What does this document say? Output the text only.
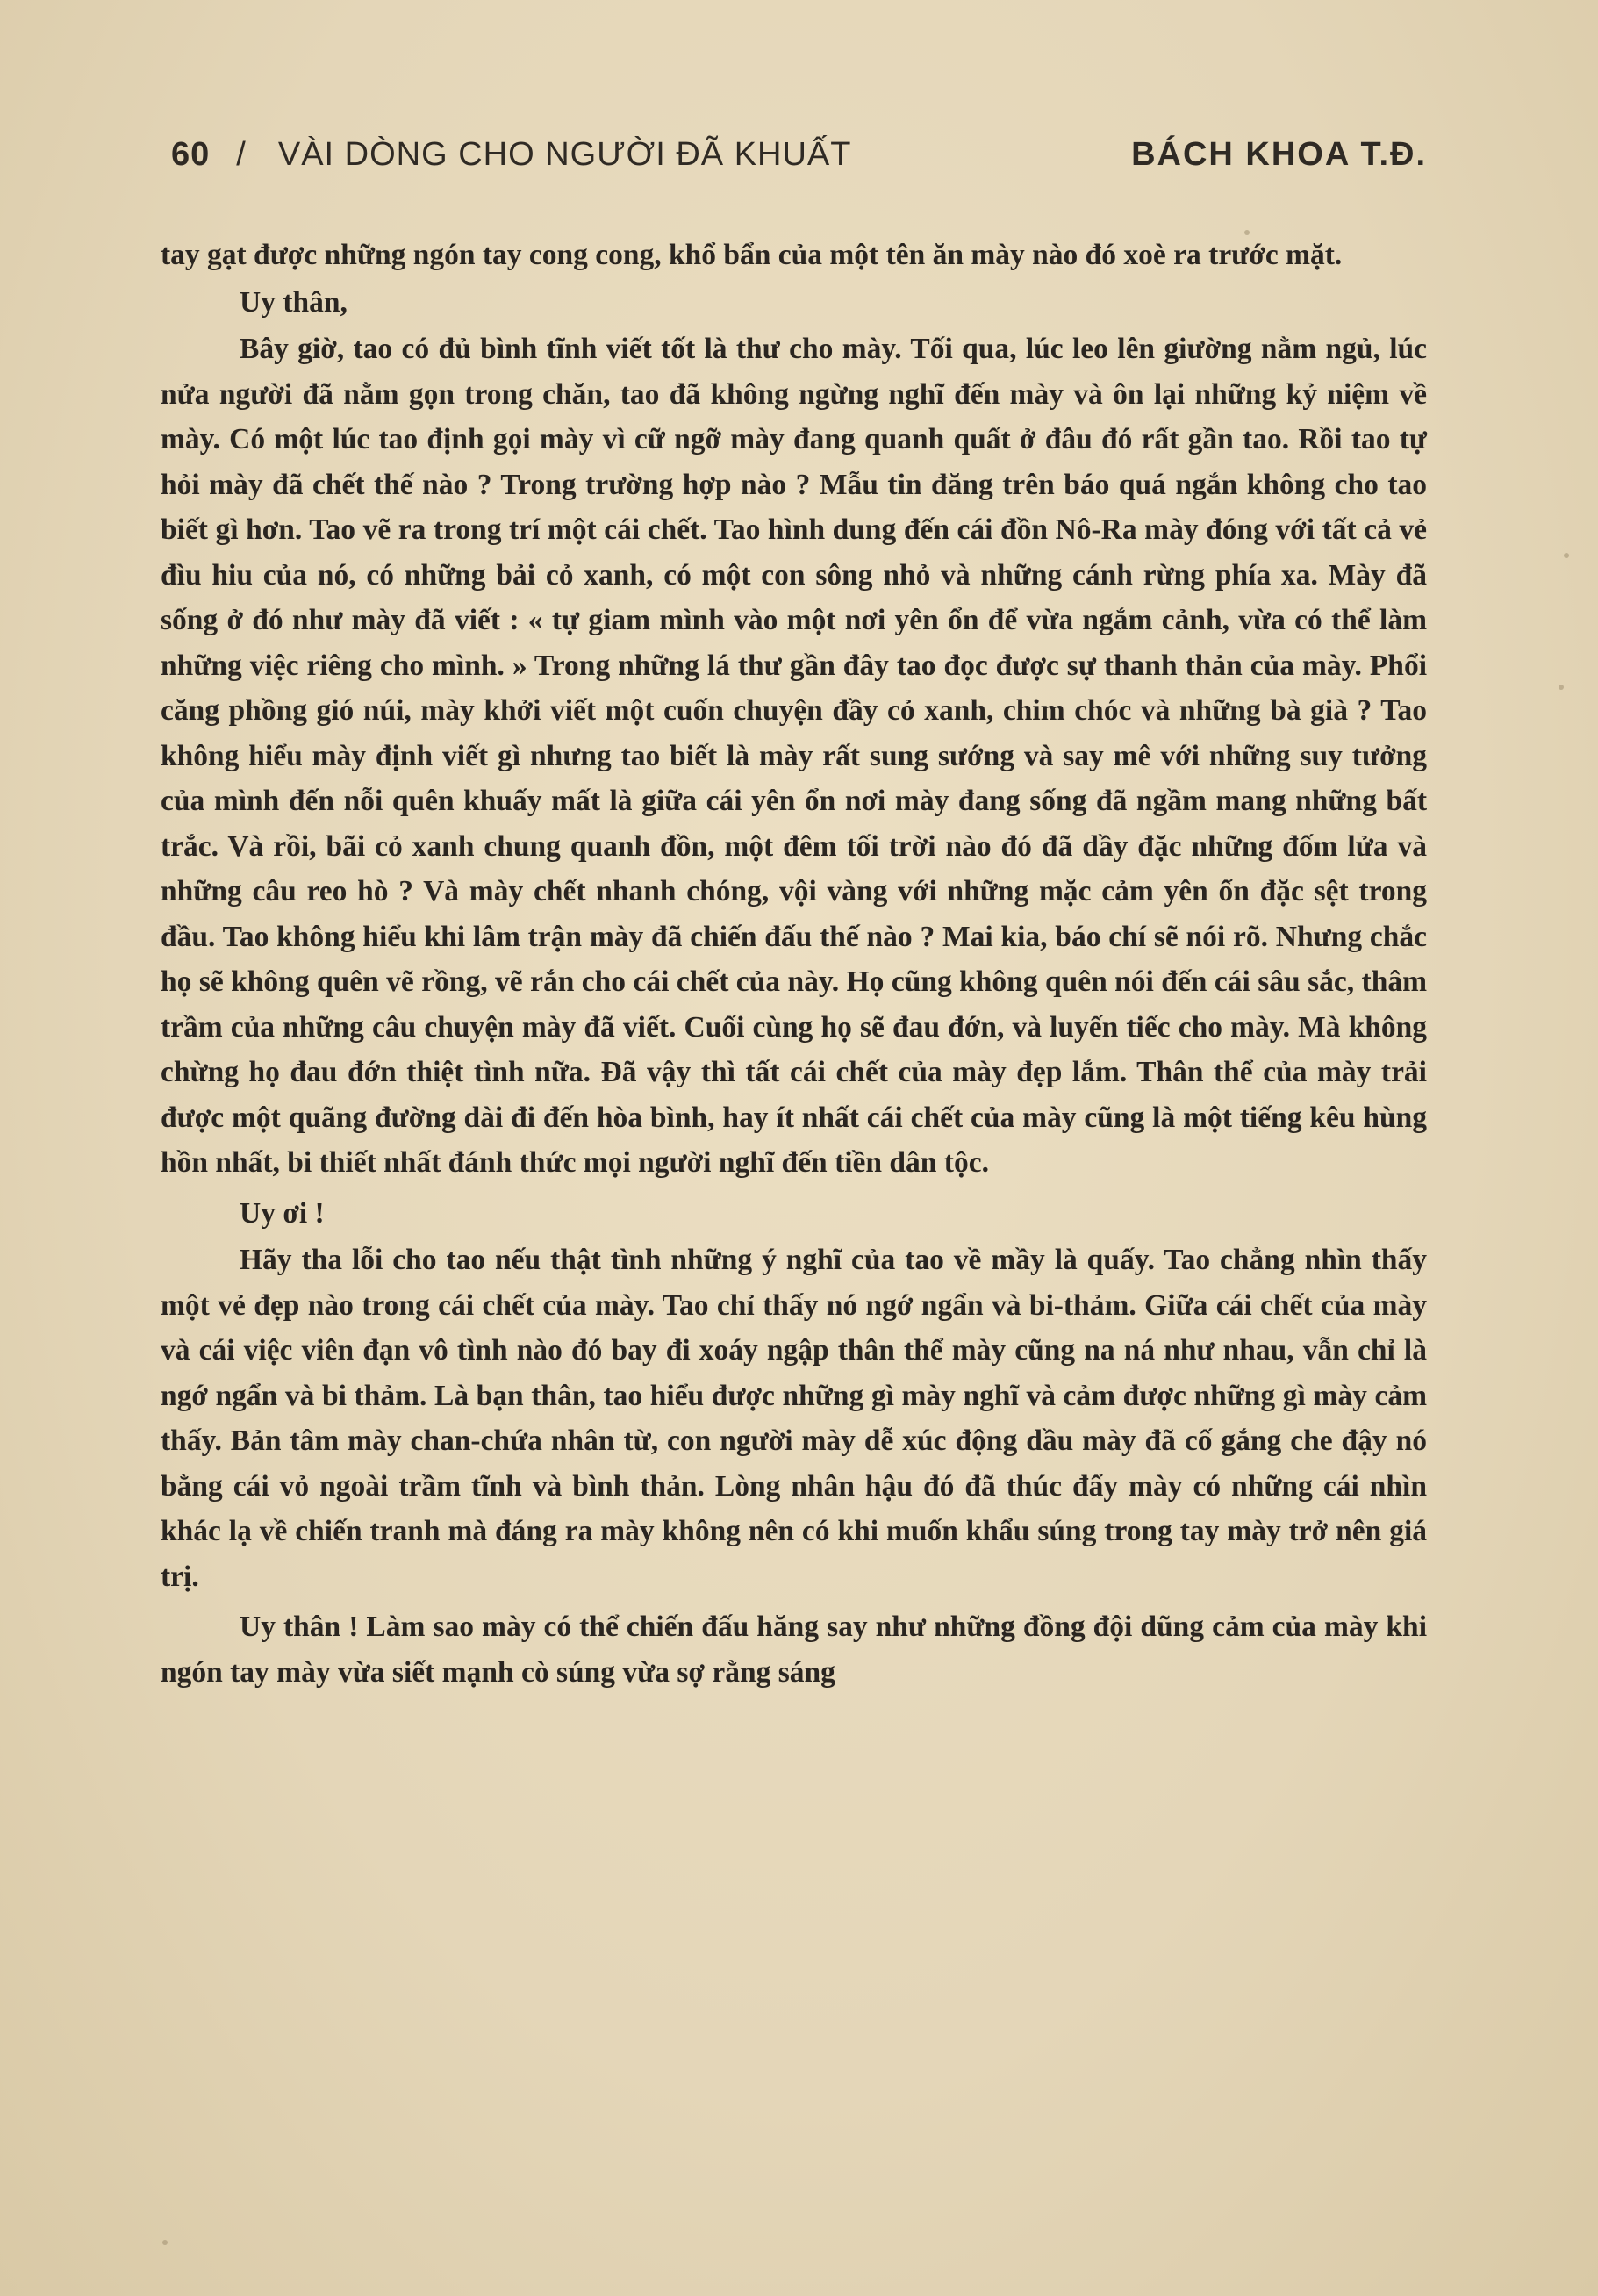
60 / VÀI DÒNG CHO NGƯỜI ĐÃ KHUẤT	BÁCH KHOA T.Đ.

tay gạt được những ngón tay cong cong, khổ bẩn của một tên ăn mày nào đó xoè ra trước mặt.

Uy thân,

Bây giờ, tao có đủ bình tĩnh viết tốt là thư cho mày. Tối qua, lúc leo lên giường nằm ngủ, lúc nửa người đã nằm gọn trong chăn, tao đã không ngừng nghĩ đến mày và ôn lại những kỷ niệm về mày. Có một lúc tao định gọi mày vì cữ ngỡ mày đang quanh quất ở đâu đó rất gần tao. Rồi tao tự hỏi mày đã chết thế nào ? Trong trường hợp nào ? Mẫu tin đăng trên báo quá ngắn không cho tao biết gì hơn. Tao vẽ ra trong trí một cái chết. Tao hình dung đến cái đồn Nô-Ra mày đóng với tất cả vẻ đìu hiu của nó, có những bải cỏ xanh, có một con sông nhỏ và những cánh rừng phía xa. Mày đã sống ở đó như mày đã viết : « tự giam mình vào một nơi yên ổn để vừa ngắm cảnh, vừa có thể làm những việc riêng cho mình. » Trong những lá thư gần đây tao đọc được sự thanh thản của mày. Phổi căng phồng gió núi, mày khởi viết một cuốn chuyện đầy cỏ xanh, chim chóc và những bà già ? Tao không hiểu mày định viết gì nhưng tao biết là mày rất sung sướng và say mê với những suy tưởng của mình đến nỗi quên khuấy mất là giữa cái yên ổn nơi mày đang sống đã ngầm mang những bất trắc. Và rồi, bãi cỏ xanh chung quanh đồn, một đêm tối trời nào đó đã dầy đặc những đốm lửa và những câu reo hò ? Và mày chết nhanh chóng, vội vàng với những mặc cảm yên ổn đặc sệt trong đầu. Tao không hiểu khi lâm trận mày đã chiến đấu thế nào ? Mai kia, báo chí sẽ nói rõ. Nhưng chắc họ sẽ không quên vẽ rồng, vẽ rắn cho cái chết của này. Họ cũng không quên nói đến cái sâu sắc, thâm trầm của những câu chuyện mày đã viết. Cuối cùng họ sẽ đau đớn, và luyến tiếc cho mày. Mà không chừng họ đau đớn thiệt tình nữa. Đã vậy thì tất cái chết của mày đẹp lắm. Thân thể của mày trải được một quãng đường dài đi đến hòa bình, hay ít nhất cái chết của mày cũng là một tiếng kêu hùng hồn nhất, bi thiết nhất đánh thức mọi người nghĩ đến tiền dân tộc.

Uy ơi !

Hãy tha lỗi cho tao nếu thật tình những ý nghĩ của tao về mầy là quấy. Tao chẳng nhìn thấy một vẻ đẹp nào trong cái chết của mày. Tao chỉ thấy nó ngớ ngẩn và bi-thảm. Giữa cái chết của mày và cái việc viên đạn vô tình nào đó bay đi xoáy ngập thân thể mày cũng na ná như nhau, vẫn chỉ là ngớ ngẩn và bi thảm. Là bạn thân, tao hiểu được những gì mày nghĩ và cảm được những gì mày cảm thấy. Bản tâm mày chan-chứa nhân từ, con người mày dễ xúc động dầu mày đã cố gắng che đậy nó bằng cái vỏ ngoài trầm tĩnh và bình thản. Lòng nhân hậu đó đã thúc đẩy mày có những cái nhìn khác lạ về chiến tranh mà đáng ra mày không nên có khi muốn khẩu súng trong tay mày trở nên giá trị.

Uy thân ! Làm sao mày có thể chiến đấu hăng say như những đồng đội dũng cảm của mày khi ngón tay mày vừa siết mạnh cò súng vừa sợ rằng sáng
